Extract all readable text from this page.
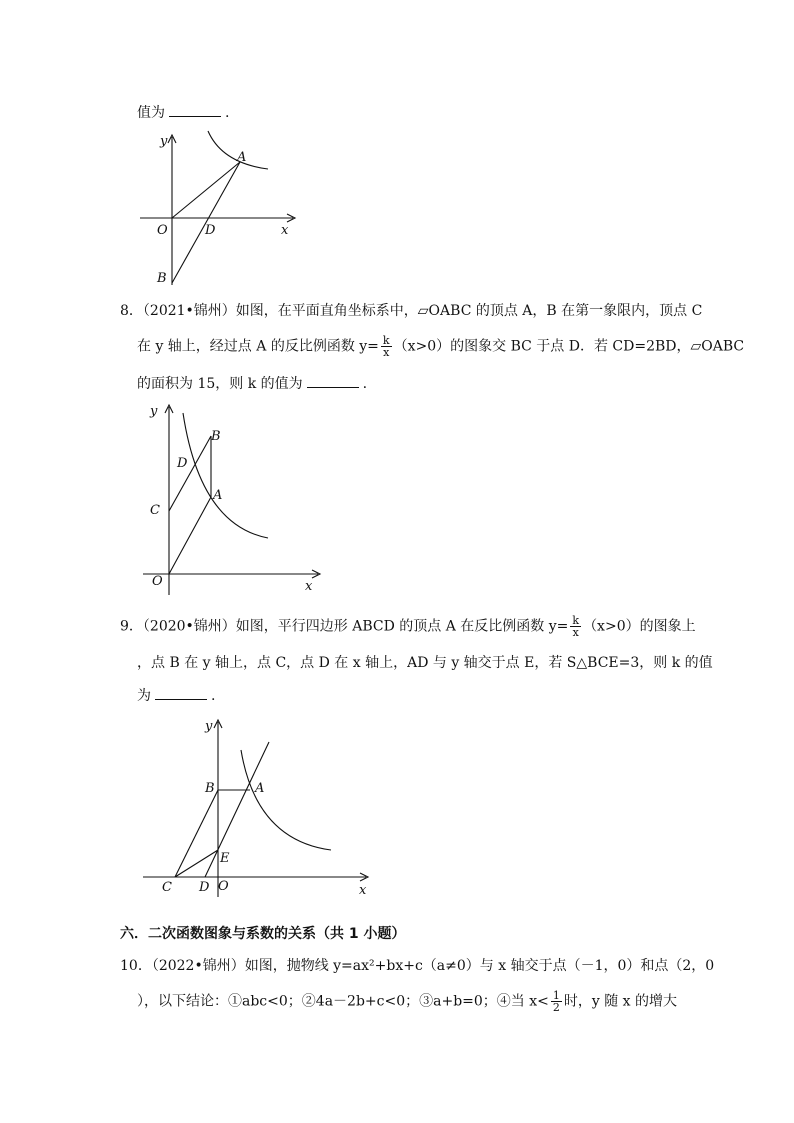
值为	.
y
A
O	D	x
B
8．（2021•锦州）如图，在平面直角坐标系中，▱OABC 的顶点 A，B 在第一象限内，顶点 C
在 y 轴上，经过点 A 的反比例函数 $y= \frac{k}{x} (x>0)$的图象交 BC 于点 D．若 CD=2BD，▱OABC
的面积为 15，则 k 的值为	.
y
B
D
A
C
O	x
9．（2020•锦州）如图，平行四边形 ABCD 的顶点 A 在反比例函数 $y= \frac{k}{x} (x>0)$的图象上
，点 B 在 y 轴上，点 C，点 D 在 x 轴上，AD 与 y 轴交于点 E，若 S△BCE=3，则 k 的值
为	.
y
B	A
E
C D O	x
六．二次函数图象与系数的关系（共 1 小题）
10．（2022•锦州）如图，抛物线 y=ax²+bx+c（a≠0）与 x 轴交于点（－1，0）和点（2，0
），以下结论：①abc<0；②4a－2b+c<0；③a+b=0；④当 $x< \frac{1}{2}$ 时，y 随 x 的增大
